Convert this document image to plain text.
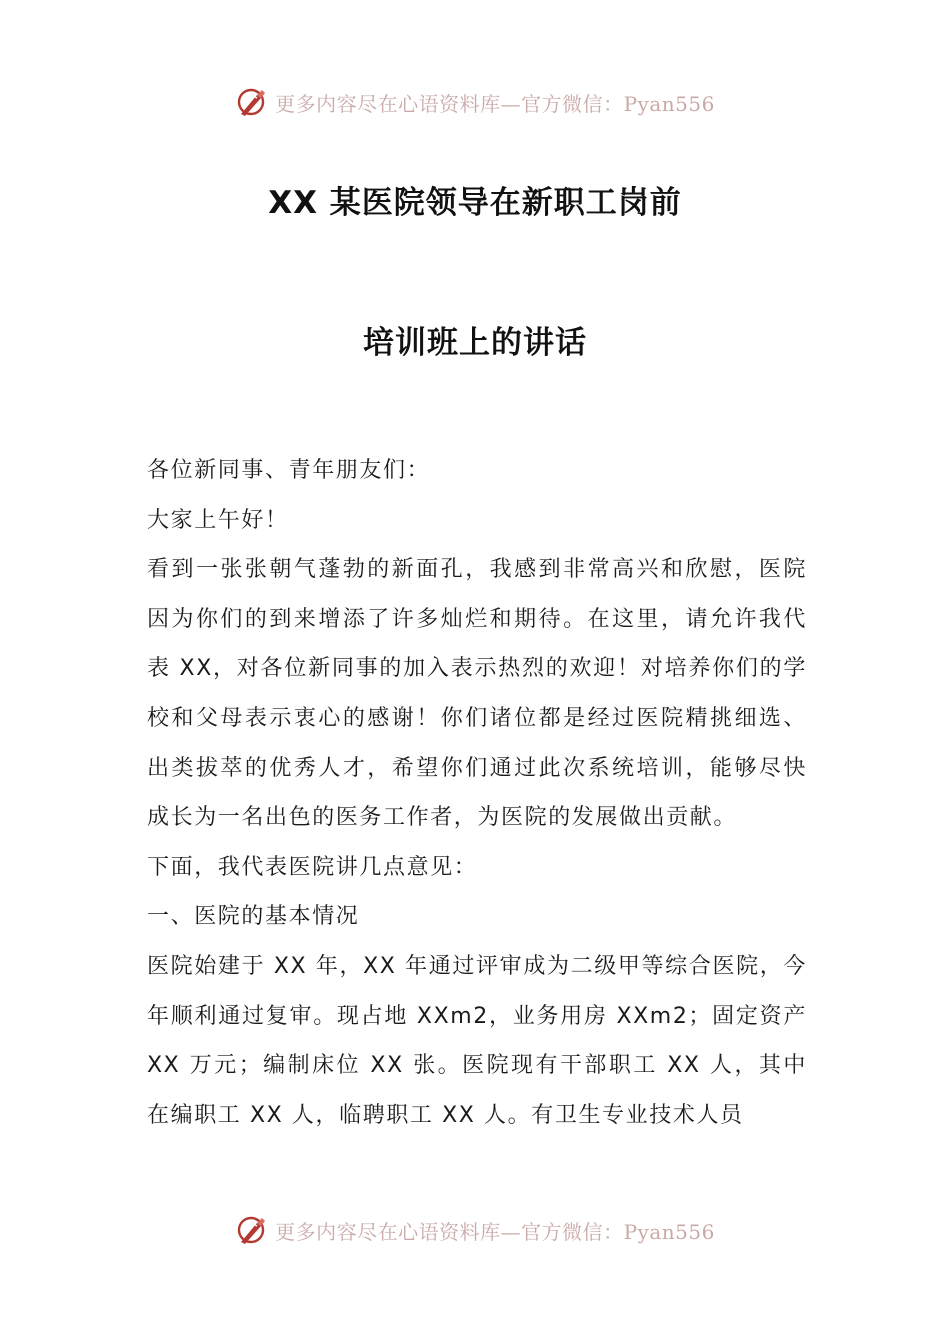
更多内容尽在心语资料库—官方微信：Pyan556
XX 某医院领导在新职工岗前
培训班上的讲话

各位新同事、青年朋友们：

大家上午好！

看到一张张朝气蓬勃的新面孔，我感到非常高兴和欣慰，医院因为你们的到来增添了许多灿烂和期待。在这里，请允许我代表 XX，对各位新同事的加入表示热烈的欢迎！对培养你们的学校和父母表示衷心的感谢！你们诸位都是经过医院精挑细选、出类拔萃的优秀人才，希望你们通过此次系统培训，能够尽快成长为一名出色的医务工作者，为医院的发展做出贡献。

下面，我代表医院讲几点意见：

一、医院的基本情况

医院始建于 XX 年，XX 年通过评审成为二级甲等综合医院，今年顺利通过复审。现占地 XXm2，业务用房 XXm2；固定资产 XX 万元；编制床位 XX 张。医院现有干部职工 XX 人，其中在编职工 XX 人，临聘职工 XX 人。有卫生专业技术人员

更多内容尽在心语资料库—官方微信：Pyan556
